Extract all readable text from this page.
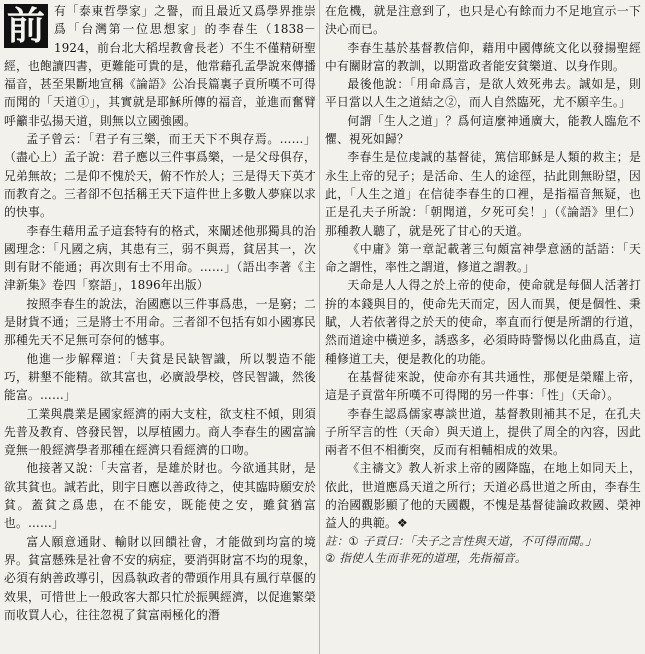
前 有「泰東哲學家」之譽，而且最近又爲學界推崇爲「台灣第一位思想家」的李春生（1838－1924，前台北大稻埕教會長老）不生不僅精研聖經，也飽讀四書，更難能可貴的是，他常藉孔孟學說來傳播福音，甚至果斷地宣稱《論語》公冶長篇裏子貢所嘆不可得而聞的「天道①」，其實就是耶穌所傳的福音，並進而奮臂呼籲非弘揚天道，則無以立國強國。

孟子曾云：「君子有三樂，而王天下不與存焉。……」（盡心上）孟子說：君子應以三件事爲樂，一是父母俱存，兄弟無故；二是仰不愧於天，俯不怍於人；三是得天下英才而教育之。三者卻不包括稱王天下這件世上多數人夢寐以求的快事。

李春生藉用孟子這套特有的格式，來闡述他那獨具的治國理念：「凡國之病，其患有三，弱不與焉，貧居其一，次則有財不能通；再次則有士不用命。……」（語出李著《主津新集》卷四「察語」，1896年出版）

按照李春生的說法，治國應以三件事爲患，一是窮；二是財貨不通；三是將士不用命。三者卻不包括有如小國寡民那種先天不足無可奈何的憾事。

他進一步解釋道：「夫貧是民缺智識，所以製造不能巧，耕墾不能精。欲其富也，必廣設學校，啓民智識，然後能富。……」

工業與農業是國家經濟的兩大支柱，欲支柱不傾，則須先普及教育、啓發民智，以厚植國力。商人李春生的國富論竟無一般經濟學者那種在經濟只看經濟的口吻。

他接著又說：「夫富者，是雄於財也。今欲通其財，是欲其貧也。誠若此，則宇日應以善政待之，使其臨時願安於貧。蓋貧之爲患，在不能安，既能使之安，雖貧猶富也。……」

富人願意通財、輸財以回饋社會，才能做到均富的境界。貧富懸殊是社會不安的病症，要消弭財富不均的現象，必須有納善政導引，因爲執政者的帶頭作用具有風行草偃的效果，可惜世上一般政客大都只忙於振興經濟，以促進繁榮而收買人心，往往忽視了貧富兩極化的潛

在危機，就是注意到了，也只是心有餘而力不足地宣示一下決心而已。

李春生基於基督教信仰，藉用中國傳統文化以發揚聖經中有關財富的教訓，以期當政者能安貧樂道、以身作則。

最後他說：「用命爲言，是欲人效死弗去。誠如是，則平日當以人生之道結之②，而人自然臨死，尤不願辛生。」

何謂「生人之道」？爲何這麼神通廣大，能教人臨危不懼、視死如歸？

李春生是位虔誠的基督徒，篤信耶穌是人類的救主；是永生上帝的兒子；是活命、生人的途徑，拈此則無盼望，因此，「人生之道」在信徒李春生的口裡，是指福音無疑，也正是孔夫子所說：「朝聞道，夕死可矣！」（《論語》里仁）那種教人聽了，就是死了甘心的天道。

《中庸》第一章記載著三句頗富神學意涵的話語：「天命之謂性，率性之謂道，修道之謂教。」

天命是人人得之於上帝的使命，使命就是每個人活著打拚的本錢與目的，使命先天而定，因人而異，便是個性、秉賦，人若依著得之於天的使命，率直而行便是所謂的行道，然而道途中橫逆多，誘惑多，必須時時警惕以化曲爲直，這種修道工夫，便是教化的功能。

在基督徒來說，使命亦有其共通性，那便是榮耀上帝，這是子貢當年所嘆不可得聞的另一件事：「性」（天命）。

李春生認爲儒家專談世道，基督教則補其不足，在孔夫子所罕言的性（天命）與天道上，提供了周全的內容，因此兩者不但不相衝突，反而有相輔相成的效果。

《主禱文》教人祈求上帝的國降臨，在地上如同天上，依此，世道應爲天道之所行；天道必爲世道之所由，李春生的治國觀影顯了他的天國觀，不愧是基督徒論政救國、榮神益人的典範。❖

註：① 子貢曰：「夫子之言性與天道，不可得而聞。」

② 指使人生而非死的道理，先指福音。
